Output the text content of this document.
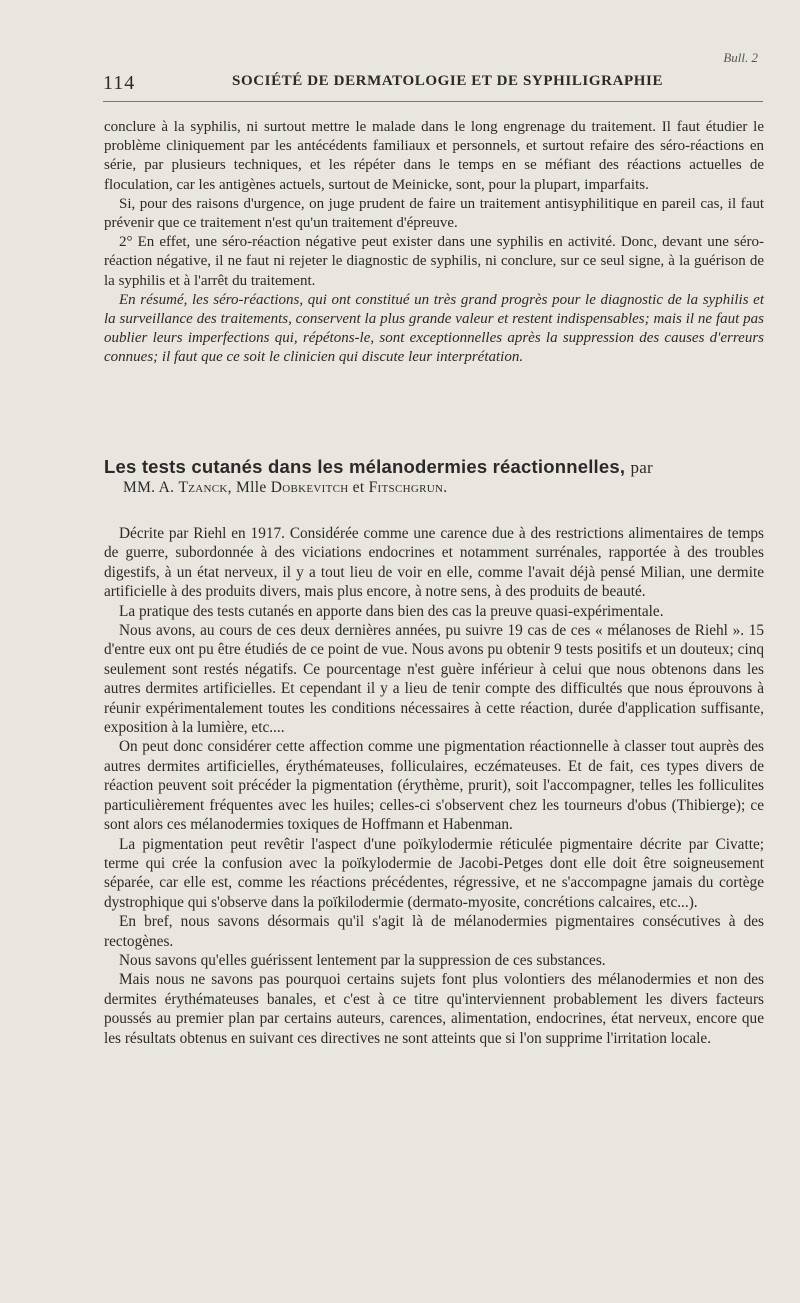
Bull. 2
114	SOCIÉTÉ DE DERMATOLOGIE ET DE SYPHILIGRAPHIE

conclure à la syphilis, ni surtout mettre le malade dans le long engrenage du traitement. Il faut étudier le problème cliniquement par les antécédents familiaux et personnels, et surtout refaire des séro-réactions en série, par plusieurs techniques, et les répéter dans le temps en se méfiant des réactions actuelles de floculation, car les antigènes actuels, surtout de Meinicke, sont, pour la plupart, imparfaits.

Si, pour des raisons d'urgence, on juge prudent de faire un traitement antisyphilitique en pareil cas, il faut prévenir que ce traitement n'est qu'un traitement d'épreuve.

2° En effet, une séro-réaction négative peut exister dans une syphilis en activité. Donc, devant une séro-réaction négative, il ne faut ni rejeter le diagnostic de syphilis, ni conclure, sur ce seul signe, à la guérison de la syphilis et à l'arrêt du traitement.

En résumé, les séro-réactions, qui ont constitué un très grand progrès pour le diagnostic de la syphilis et la surveillance des traitements, conservent la plus grande valeur et restent indispensables; mais il ne faut pas oublier leurs imperfections qui, répétons-le, sont exceptionnelles après la suppression des causes d'erreurs connues; il faut que ce soit le clinicien qui discute leur interprétation.

Les tests cutanés dans les mélanodermies réactionnelles, par
MM. A. Tzanck, Mlle Dobkevitch et Fitschgrun.

Décrite par Riehl en 1917. Considérée comme une carence due à des restrictions alimentaires de temps de guerre, subordonnée à des viciations endocrines et notamment surrénales, rapportée à des troubles digestifs, à un état nerveux, il y a tout lieu de voir en elle, comme l'avait déjà pensé Milian, une dermite artificielle à des produits divers, mais plus encore, à notre sens, à des produits de beauté.

La pratique des tests cutanés en apporte dans bien des cas la preuve quasi-expérimentale.

Nous avons, au cours de ces deux dernières années, pu suivre 19 cas de ces « mélanoses de Riehl ». 15 d'entre eux ont pu être étudiés de ce point de vue. Nous avons pu obtenir 9 tests positifs et un douteux; cinq seulement sont restés négatifs. Ce pourcentage n'est guère inférieur à celui que nous obtenons dans les autres dermites artificielles. Et cependant il y a lieu de tenir compte des difficultés que nous éprouvons à réunir expérimentalement toutes les conditions nécessaires à cette réaction, durée d'application suffisante, exposition à la lumière, etc....

On peut donc considérer cette affection comme une pigmentation réactionnelle à classer tout auprès des autres dermites artificielles, érythémateuses, folliculaires, eczémateuses. Et de fait, ces types divers de réaction peuvent soit précéder la pigmentation (érythème, prurit), soit l'accompagner, telles les folliculites particulièrement fréquentes avec les huiles; celles-ci s'observent chez les tourneurs d'obus (Thibierge); ce sont alors ces mélanodermies toxiques de Hoffmann et Habenman.

La pigmentation peut revêtir l'aspect d'une poïkylodermie réticulée pigmentaire décrite par Civatte; terme qui crée la confusion avec la poïkylodermie de Jacobi-Petges dont elle doit être soigneusement séparée, car elle est, comme les réactions précédentes, régressive, et ne s'accompagne jamais du cortège dystrophique qui s'observe dans la poïkilodermie (dermato-myosite, concrétions calcaires, etc...).

En bref, nous savons désormais qu'il s'agit là de mélanodermies pigmentaires consécutives à des rectogènes.

Nous savons qu'elles guérissent lentement par la suppression de ces substances.

Mais nous ne savons pas pourquoi certains sujets font plus volontiers des mélanodermies et non des dermites érythémateuses banales, et c'est à ce titre qu'interviennent probablement les divers facteurs poussés au premier plan par certains auteurs, carences, alimentation, endocrines, état nerveux, encore que les résultats obtenus en suivant ces directives ne sont atteints que si l'on supprime l'irritation locale.
